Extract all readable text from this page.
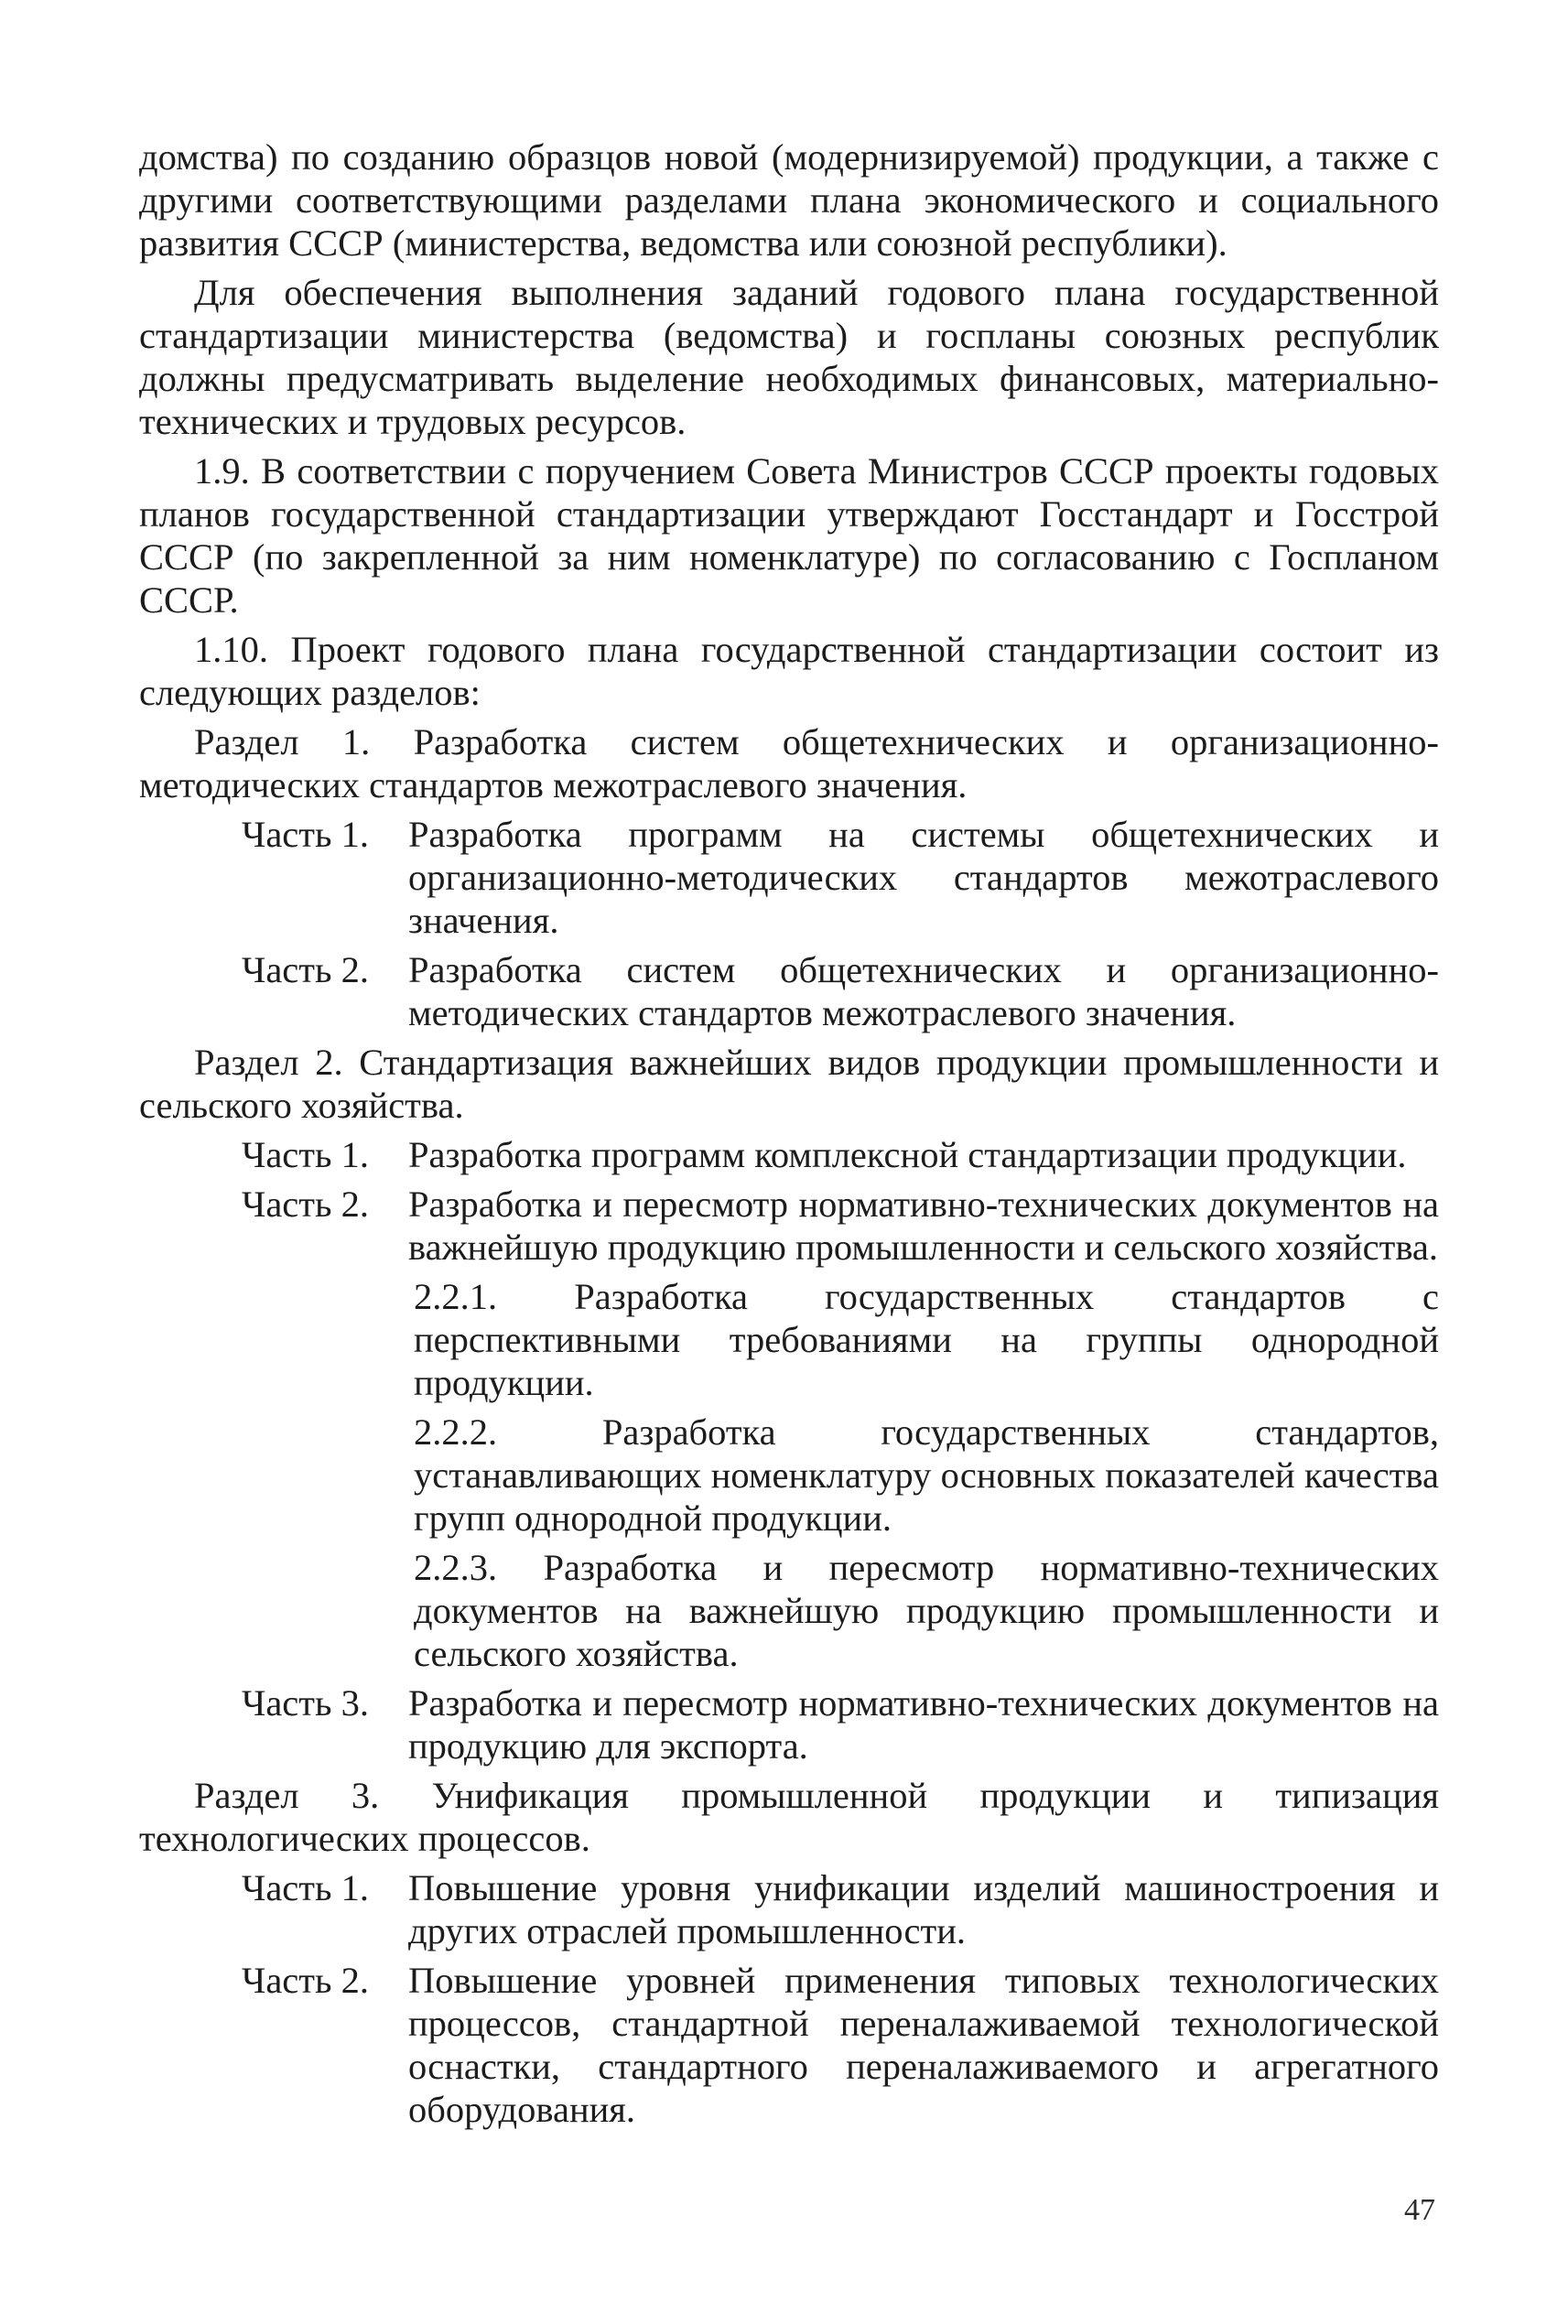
домства) по созданию образцов новой (модернизируемой) продукции, а также с другими соответствующими разделами плана экономического и социального развития СССР (министерства, ведомства или союзной республики).

Для обеспечения выполнения заданий годового плана государственной стандартизации министерства (ведомства) и госпланы союзных республик должны предусматривать выделение необходимых финансовых, материально-технических и трудовых ресурсов.

1.9. В соответствии с поручением Совета Министров СССР проекты годовых планов государственной стандартизации утверждают Госстандарт и Госстрой СССР (по закрепленной за ним номенклатуре) по согласованию с Госпланом СССР.

1.10. Проект годового плана государственной стандартизации состоит из следующих разделов:

Раздел 1. Разработка систем общетехнических и организационно-методических стандартов межотраслевого значения.
Часть 1.	Разработка программ на системы общетехнических и организационно-методических стандартов межотраслевого значения.
Часть 2.	Разработка систем общетехнических и организационно-методических стандартов межотраслевого значения.
Раздел 2. Стандартизация важнейших видов продукции промышленности и сельского хозяйства.
Часть 1.	Разработка программ комплексной стандартизации продукции.
Часть 2.	Разработка и пересмотр нормативно-технических документов на важнейшую продукцию промышленности и сельского хозяйства.

2.2.1. Разработка государственных стандартов с перспективными требованиями на группы однородной продукции.

2.2.2. Разработка государственных стандартов, устанавливающих номенклатуру основных показателей качества групп однородной продукции.

2.2.3. Разработка и пересмотр нормативно-технических документов на важнейшую продукцию промышленности и сельского хозяйства.

Часть 3.	Разработка и пересмотр нормативно-технических документов на продукцию для экспорта.
Раздел 3. Унификация промышленной продукции и типизация технологических процессов.
Часть 1.	Повышение уровня унификации изделий машиностроения и других отраслей промышленности.
Часть 2.	Повышение уровней применения типовых технологических процессов, стандартной переналаживаемой технологической оснастки, стандартного переналаживаемого и агрегатного оборудования.
47
